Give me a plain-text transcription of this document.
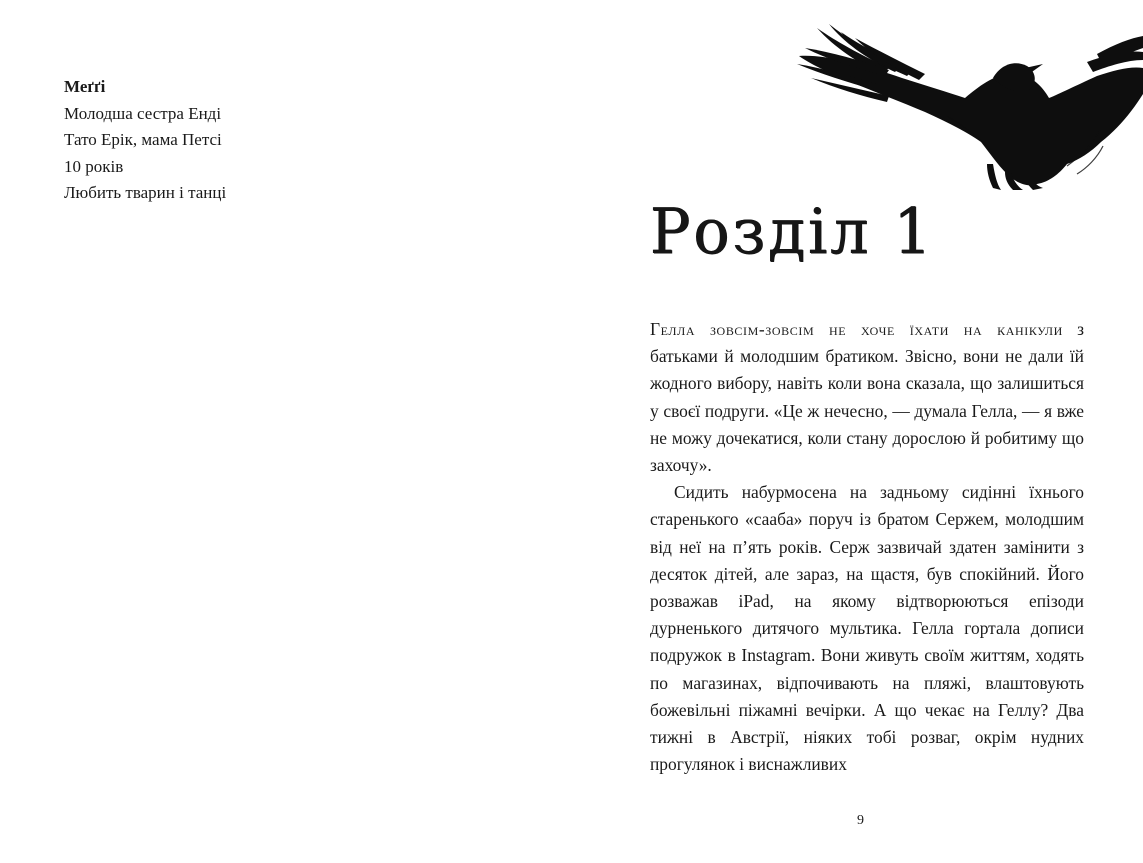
Меґґі
Молодша сестра Енді
Тато Ерік, мама Петсі
10 років
Любить тварин і танці
Розділ 1

Гелла зовсім-зовсім не хоче їхати на канікули з батьками й молодшим братиком. Звісно, вони не дали їй жодного вибору, навіть коли вона сказала, що залишиться у своєї подруги. «Це ж нечесно, — думала Гелла, — я вже не можу дочекатися, коли стану дорослою й робитиму що захочу».

Сидить набурмосена на задньому сидінні їхнього старенького «сааба» поруч із братом Сержем, молодшим від неї на п’ять років. Серж зазвичай здатен замінити з десяток дітей, але зараз, на щастя, був спокійний. Його розважав iPad, на якому відтворюються епізоди дурненького дитячого мультика. Гелла гортала дописи подружок в Instagram. Вони живуть своїм життям, ходять по магазинах, відпочивають на пляжі, влаштовують божевільні піжамні вечірки. А що чекає на Геллу? Два тижні в Австрії, ніяких тобі розваг, окрім нудних прогулянок і виснажливих

9
